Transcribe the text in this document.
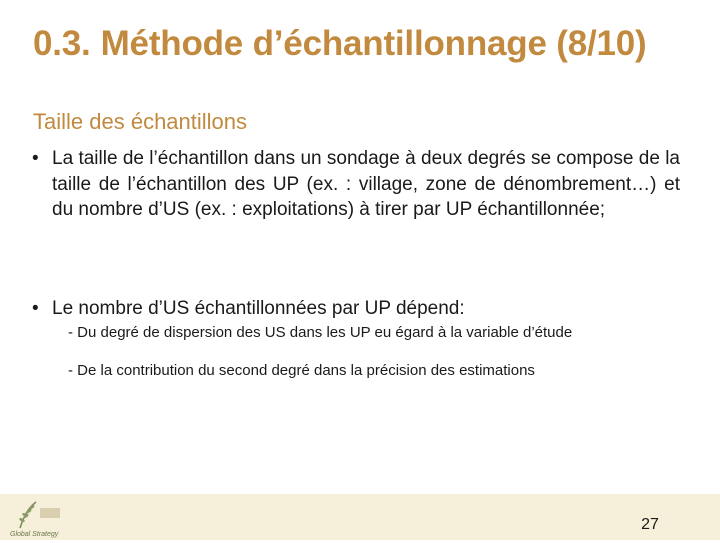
0.3. Méthode d’échantillonnage (8/10)
Taille des échantillons
• La taille de l’échantillon dans un sondage à deux degrés se compose de la taille de l’échantillon des UP (ex. : village, zone de dénombrement…) et du nombre d’US (ex. : exploitations) à tirer par UP échantillonnée;
• Le nombre d’US échantillonnées par UP dépend:
- Du degré de dispersion des US dans les UP eu égard à la variable d’étude
- De la contribution du second degré dans la précision des estimations
Global Strategy
27
